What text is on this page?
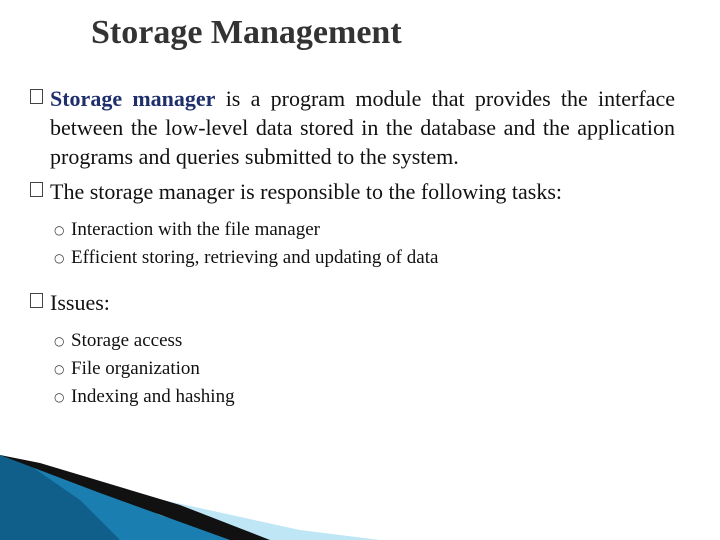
Storage Management
Storage manager is a program module that provides the interface between the low-level data stored in the database and the application programs and queries submitted to the system.
The storage manager is responsible to the following tasks:
○ Interaction with the file manager
○ Efficient storing, retrieving and updating of data
Issues:
○ Storage access
○ File organization
○ Indexing and hashing
